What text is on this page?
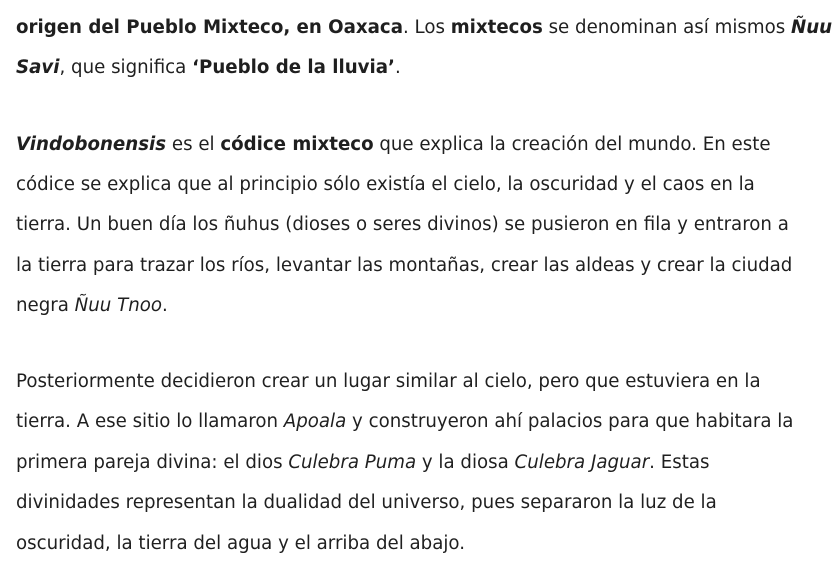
origen del Pueblo Mixteco, en Oaxaca. Los mixtecos se denominan así mismos Ñuu
Savi, que significa ‘Pueblo de la lluvia’.
Vindobonensis es el códice mixteco que explica la creación del mundo. En este
códice se explica que al principio sólo existía el cielo, la oscuridad y el caos en la
tierra. Un buen día los ñuhus (dioses o seres divinos) se pusieron en fila y entraron a
la tierra para trazar los ríos, levantar las montañas, crear las aldeas y crear la ciudad
negra Ñuu Tnoo.
Posteriormente decidieron crear un lugar similar al cielo, pero que estuviera en la
tierra. A ese sitio lo llamaron Apoala y construyeron ahí palacios para que habitara la
primera pareja divina: el dios Culebra Puma y la diosa Culebra Jaguar. Estas
divinidades representan la dualidad del universo, pues separaron la luz de la
oscuridad, la tierra del agua y el arriba del abajo.
